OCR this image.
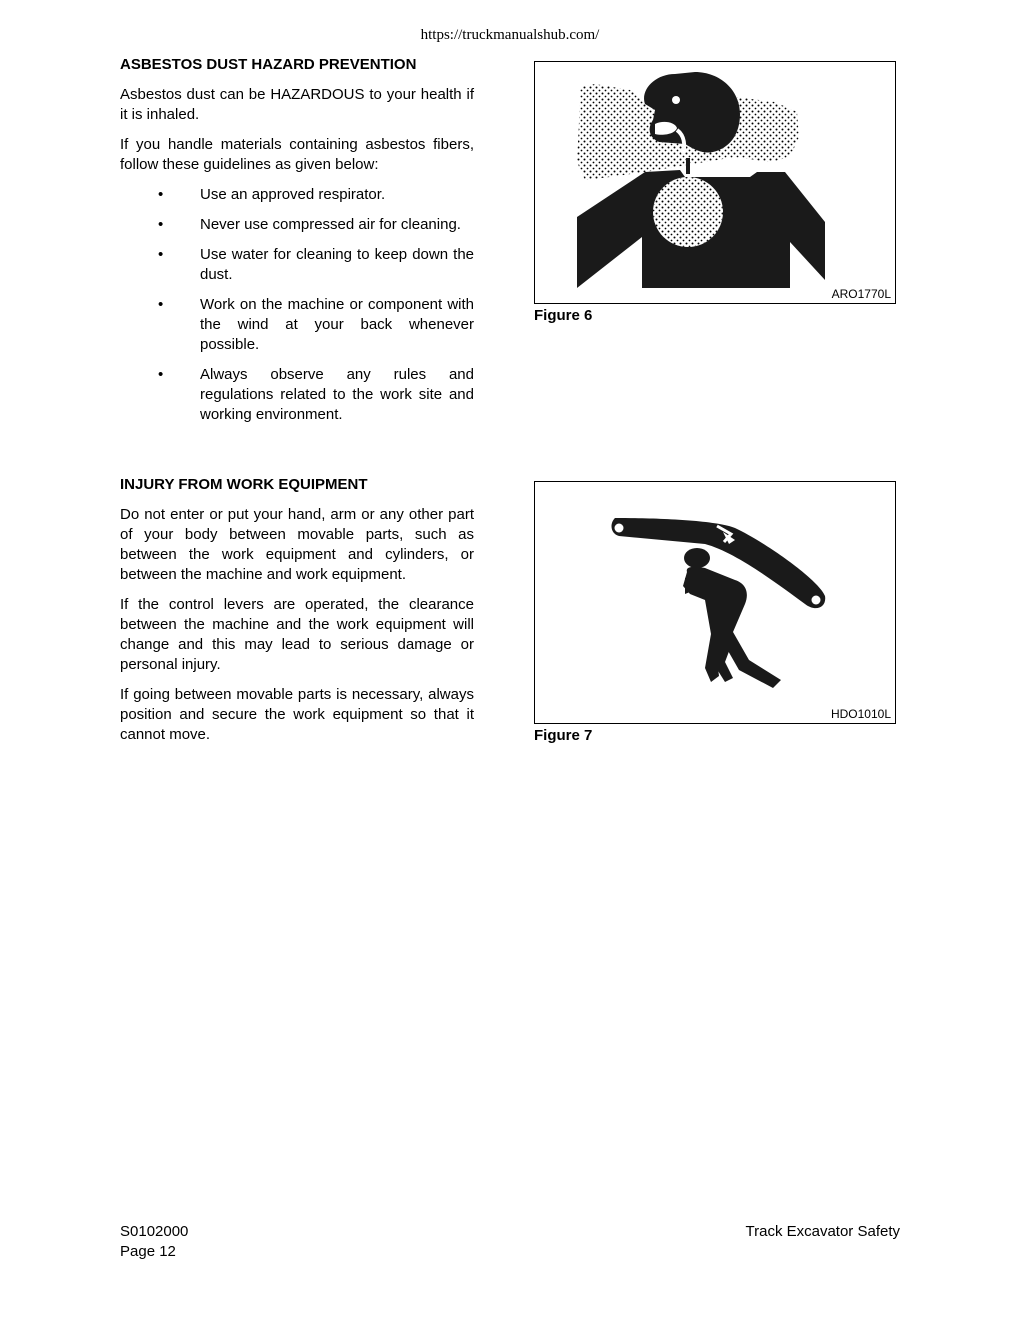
https://truckmanualshub.com/
ASBESTOS DUST HAZARD PREVENTION
Asbestos dust can be HAZARDOUS to your health if it is inhaled.
If you handle materials containing asbestos fibers, follow these guidelines as given below:
• Use an approved respirator.
• Never use compressed air for cleaning.
• Use water for cleaning to keep down the dust.
• Work on the machine or component with the wind at your back whenever possible.
• Always observe any rules and regulations related to the work site and working environment.
ARO1770L
Figure 6
INJURY FROM WORK EQUIPMENT
Do not enter or put your hand, arm or any other part of your body between movable parts, such as between the work equipment and cylinders, or between the machine and work equipment.
If the control levers are operated, the clearance between the machine and the work equipment will change and this may lead to serious damage or personal injury.
If going between movable parts is necessary, always position and secure the work equipment so that it cannot move.
HDO1010L
Figure 7
S0102000
Page 12
Track Excavator Safety
